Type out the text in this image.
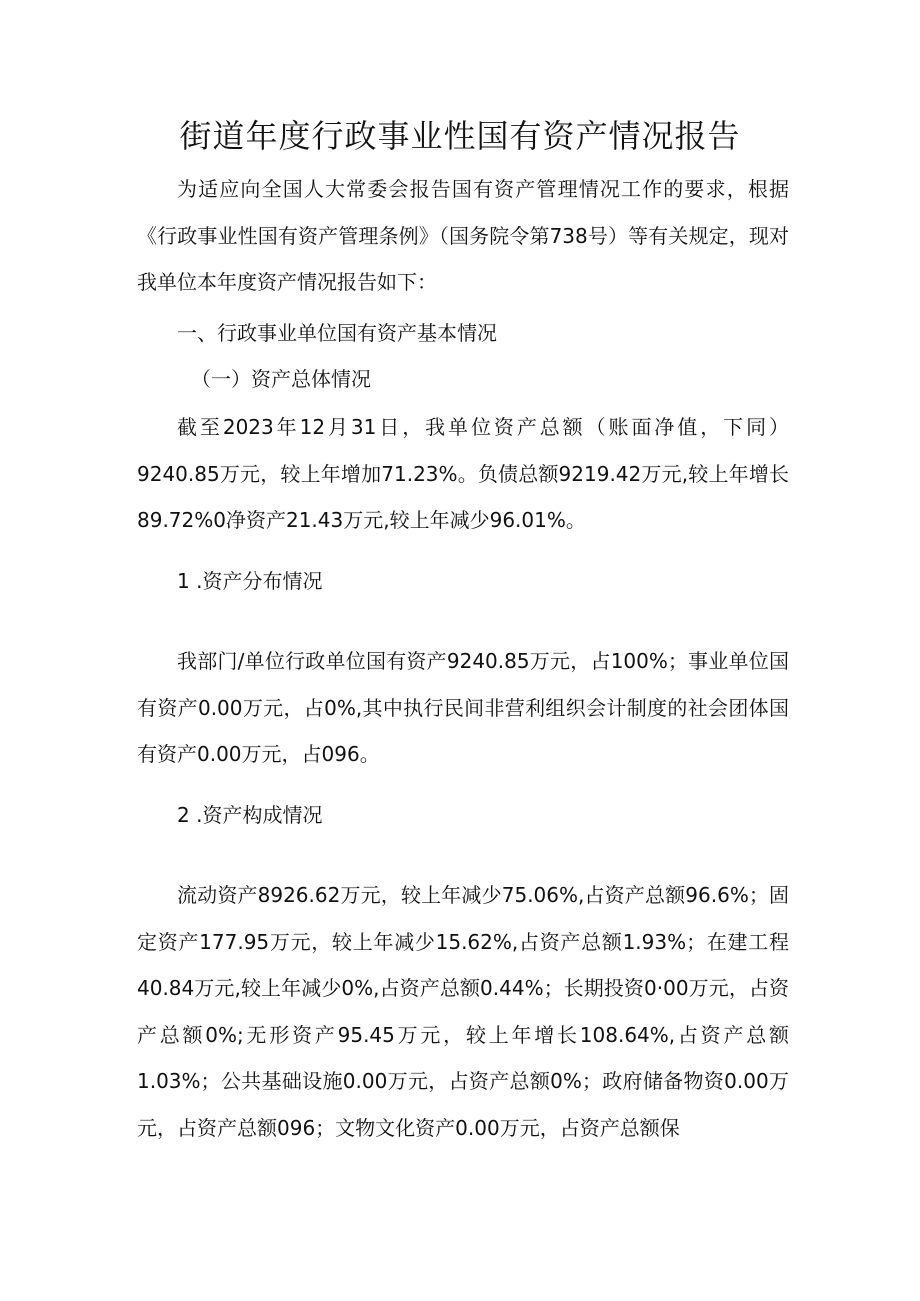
街道年度行政事业性国有资产情况报告
为适应向全国人大常委会报告国有资产管理情况工作的要求，根据《行政事业性国有资产管理条例》（国务院令第738号）等有关规定，现对我单位本年度资产情况报告如下：
一、行政事业单位国有资产基本情况
（一）资产总体情况
截至2023年12月31日，我单位资产总额（账面净值，下同）9240.85万元，较上年增加71.23%。负债总额9219.42万元,较上年增长89.72%0净资产21.43万元,较上年减少96.01%。
1 .资产分布情况
我部门/单位行政单位国有资产9240.85万元，占100%；事业单位国有资产0.00万元，占0%,其中执行民间非营利组织会计制度的社会团体国有资产0.00万元，占096。
2 .资产构成情况
流动资产8926.62万元，较上年减少75.06%,占资产总额96.6%；固定资产177.95万元，较上年减少15.62%,占资产总额1.93%；在建工程40.84万元,较上年减少0%,占资产总额0.44%；长期投资0·00万元，占资产总额0%;无形资产95.45万元，较上年增长108.64%,占资产总额1.03%；公共基础设施0.00万元，占资产总额0%；政府储备物资0.00万元，占资产总额096；文物文化资产0.00万元，占资产总额保
